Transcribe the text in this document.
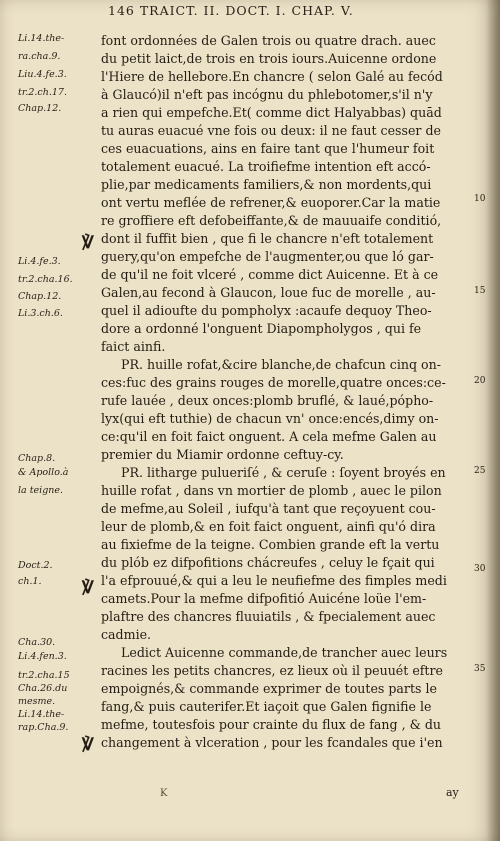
146 TRAICT. II. DOCT. I. CHAP. V.
Li.14.the-
ra.cha.9.
Liu.4.fe.3.
tr.2.ch.17.
Chap.12.
Li.4.fe.3.
tr.2.cha.16.
Chap.12.
Li.3.ch.6.
Chap.8.
& Apollo.à
la teigne.
Doct.2.
ch.1.
Cha.30.
Li.4.fen.3.
tr.2.cha.15
Cha.26.du
mesme.
Li.14.the-
rap.Cha.9.
℣
℣
℣
font ordonnées de Galen trois ou quatre drach. auec
du petit laict,de trois en trois iours.Auicenne ordone
l'Hiere de hellebore.En chancre ( selon Galé au fecód
à Glaucó)il n'eft pas incógnu du phlebotomer,s'il n'y
a rien qui empefche.Et( comme dict Halyabbas) quād
tu auras euacué vne fois ou deux: il ne faut cesser de
ces euacuations, ains en faire tant que l'humeur foit
totalement euacué. La troifiefme intention eft accó-
plie,par medicaments familiers,& non mordents,qui
ont vertu meflée de refrener,& euoporer.Car la matie
re groffiere eft defobeiffante,& de mauuaife conditió,
dont il fuffit bien , que fi le chancre n'eft totalement
guery,qu'on empefche de l'augmenter,ou que ló gar-
de qu'il ne foit vlceré , comme dict Auicenne. Et à ce
Galen,au fecond à Glaucon, loue fuc de morelle , au-
quel il adioufte du pompholyx :acaufe dequoy Theo-
dore a ordonné l'onguent Diapompholygos , qui fe
faict ainfi.
PR. huille rofat,&cire blanche,de chafcun cinq on-
ces:fuc des grains rouges de morelle,quatre onces:ce-
rufe lauée , deux onces:plomb bruflé, & laué,pópho-
lyx(qui eft tuthie) de chacun vn' once:encés,dimy on-
ce:qu'il en foit faict onguent. A cela mefme Galen au
premier du Miamir ordonne ceftuy-cy.
PR. litharge pulueriſé , & ceruſe : ſoyent broyés en
huille rofat , dans vn mortier de plomb , auec le pilon
de mefme,au Soleil , iufqu'à tant que reçoyuent cou-
leur de plomb,& en foit faict onguent, ainfi qu'ó dira
au fixiefme de la teigne. Combien grande eft la vertu
du plób ez difpofitions chácreufes , celuy le fçait qui
l'a efprouué,& qui a leu le neufiefme des fimples medi
camets.Pour la mefme difpofitió Auicéne loüe l'em-
plaftre des chancres fluuiatils , & fpecialement auec
cadmie.
Ledict Auicenne commande,de trancher auec leurs
racines les petits chancres, ez lieux où il peuuét eftre
empoignés,& commande exprimer de toutes parts le
fang,& puis cauterifer.Et iaçoit que Galen fignifie le
mefme, toutesfois pour crainte du flux de fang , & du
changement à vlceration , pour les fcandales que i'en
10
15
20
25
30
35
K	ay
